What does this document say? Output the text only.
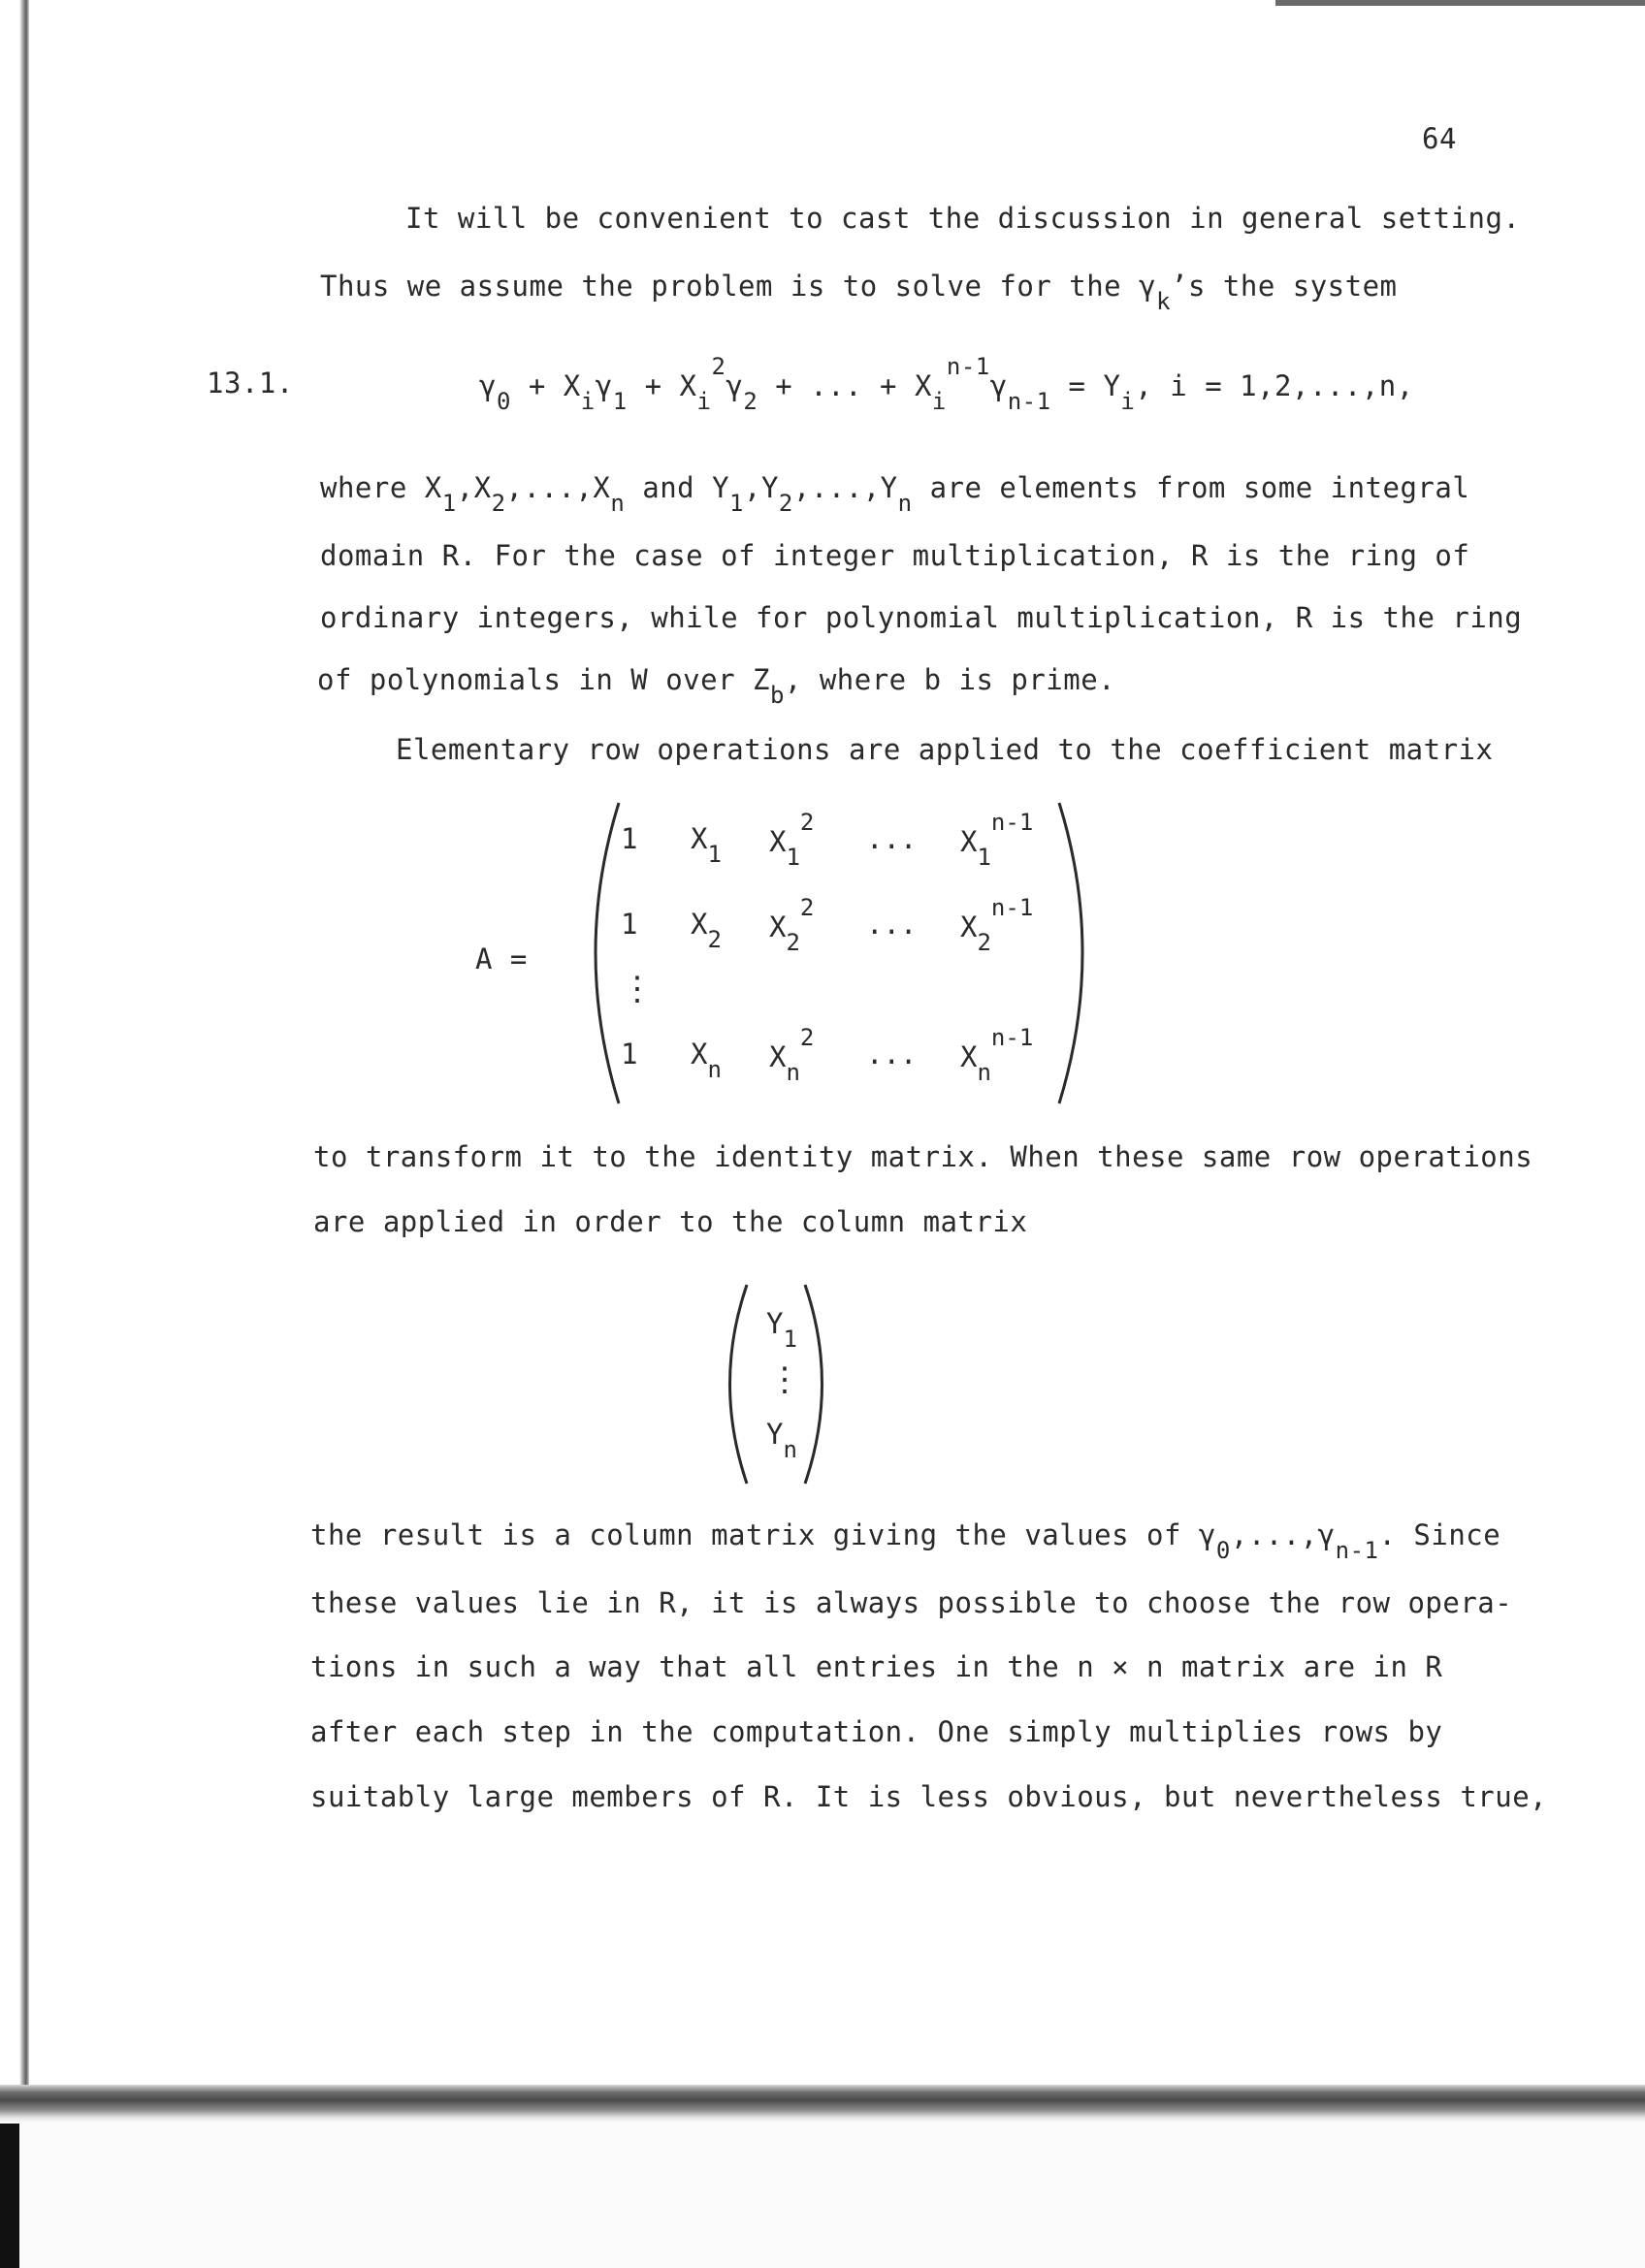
64
It will be convenient to cast the discussion in general setting.
Thus we assume the problem is to solve for the $\gamma_k’s$ the system
13.1.	$\gamma_0 + X_i\gamma_1 + X_i^2\gamma_2$ + ... + $X_i^{n-1}\gamma_{n-1} = Y_i$, i = 1,2,...,n,
where $X_1,X_2,...,X_n$ and $Y_1,Y_2,...,Y_n$ are elements from some integral
domain R. For the case of integer multiplication, R is the ring of
ordinary integers, while for polynomial multiplication, R is the ring
of polynomials in W over $Z_b$, where b is prime.
Elementary row operations are applied to the coefficient matrix
A =
1 $X_1$ $X_1^2$ ... $X_1^{n-1}$
1 $X_2$ $X_2^2$ ... $X_2^{n-1}$
1 $X_n$ $X_n^2$ ... $X_n^{n-1}$
⋮
to transform it to the identity matrix. When these same row operations
are applied in order to the column matrix
$Y_1$
⋮
$Y_n$
the result is a column matrix giving the values of $\gamma_0,...,\gamma_{n-1}$. Since
these values lie in R, it is always possible to choose the row opera-
tions in such a way that all entries in the n × n matrix are in R
after each step in the computation. One simply multiplies rows by
suitably large members of R. It is less obvious, but nevertheless true,
